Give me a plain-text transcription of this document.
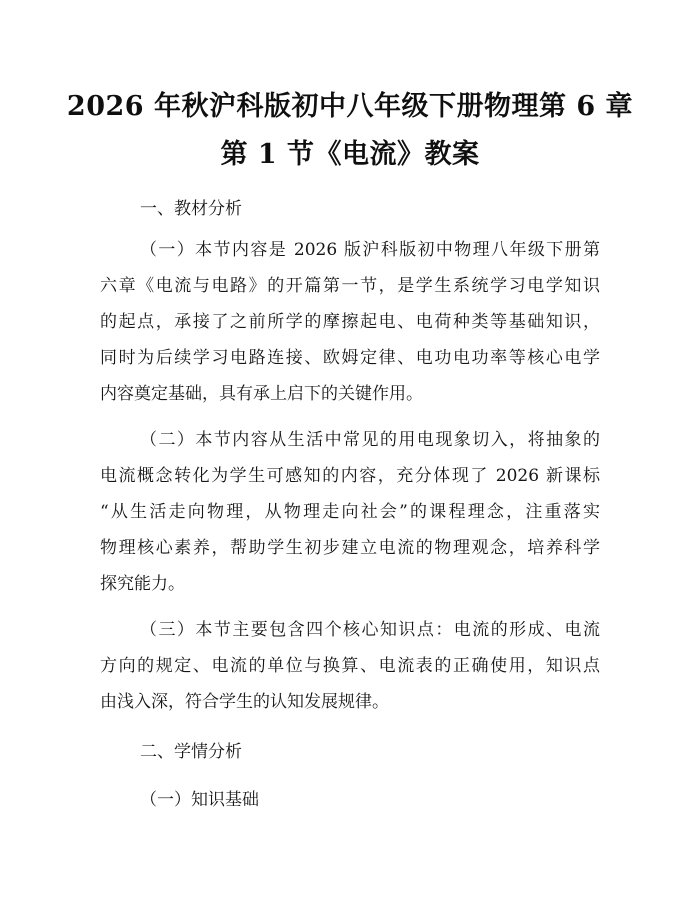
2026 年秋沪科版初中八年级下册物理第 6 章
第 1 节《电流》教案
一、教材分析
（一）本节内容是 2026 版沪科版初中物理八年级下册第
六章《电流与电路》的开篇第一节，是学生系统学习电学知识
的起点，承接了之前所学的摩擦起电、电荷种类等基础知识，
同时为后续学习电路连接、欧姆定律、电功电功率等核心电学
内容奠定基础，具有承上启下的关键作用。
（二）本节内容从生活中常见的用电现象切入，将抽象的
电流概念转化为学生可感知的内容，充分体现了 2026 新课标
“从生活走向物理，从物理走向社会”的课程理念，注重落实
物理核心素养，帮助学生初步建立电流的物理观念，培养科学
探究能力。
（三）本节主要包含四个核心知识点：电流的形成、电流
方向的规定、电流的单位与换算、电流表的正确使用，知识点
由浅入深，符合学生的认知发展规律。
二、学情分析
（一）知识基础
